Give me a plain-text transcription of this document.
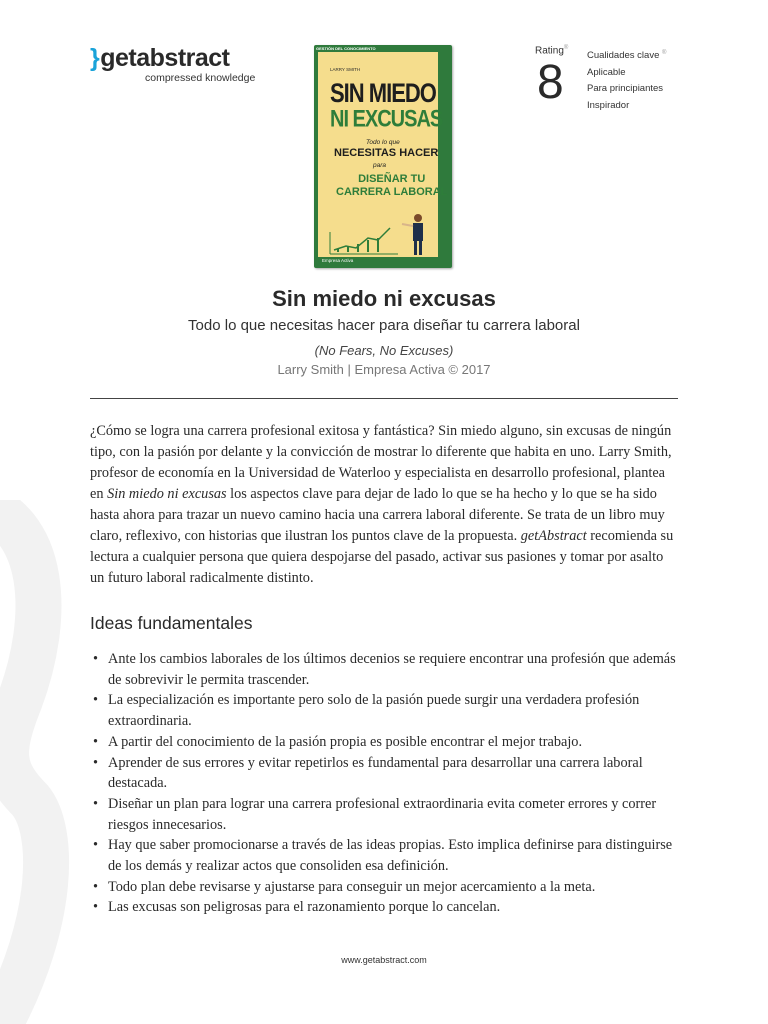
}getabstract
compressed knowledge
GESTIÓN DEL CONOCIMIENTO
LARRY SMITH
SIN MIEDO
NI EXCUSAS
Todo lo que
NECESITAS HACER
para
DISEÑAR TU
CARRERA LABORAL
Empresa Activa
Rating®
8
Cualidades clave ®
Aplicable
Para principiantes
Inspirador
Sin miedo ni excusas
Todo lo que necesitas hacer para diseñar tu carrera laboral
(No Fears, No Excuses)
Larry Smith | Empresa Activa © 2017

¿Cómo se logra una carrera profesional exitosa y fantástica? Sin miedo alguno, sin excusas de ningún tipo, con la pasión por delante y la convicción de mostrar lo diferente que habita en uno. Larry Smith, profesor de economía en la Universidad de Waterloo y especialista en desarrollo profesional, plantea en Sin miedo ni excusas los aspectos clave para dejar de lado lo que se ha hecho y lo que se ha sido hasta ahora para trazar un nuevo camino hacia una carrera laboral diferente. Se trata de un libro muy claro, reflexivo, con historias que ilustran los puntos clave de la propuesta. getAbstract recomienda su lectura a cualquier persona que quiera despojarse del pasado, activar sus pasiones y tomar por asalto un futuro laboral radicalmente distinto.

Ideas fundamentales
• Ante los cambios laborales de los últimos decenios se requiere encontrar una profesión que además de sobrevivir le permita trascender.
• La especialización es importante pero solo de la pasión puede surgir una verdadera profesión extraordinaria.
• A partir del conocimiento de la pasión propia es posible encontrar el mejor trabajo.
• Aprender de sus errores y evitar repetirlos es fundamental para desarrollar una carrera laboral destacada.
• Diseñar un plan para lograr una carrera profesional extraordinaria evita cometer errores y correr riesgos innecesarios.
• Hay que saber promocionarse a través de las ideas propias. Esto implica definirse para distinguirse de los demás y realizar actos que consoliden esa definición.
• Todo plan debe revisarse y ajustarse para conseguir un mejor acercamiento a la meta.
• Las excusas son peligrosas para el razonamiento porque lo cancelan.
www.getabstract.com
